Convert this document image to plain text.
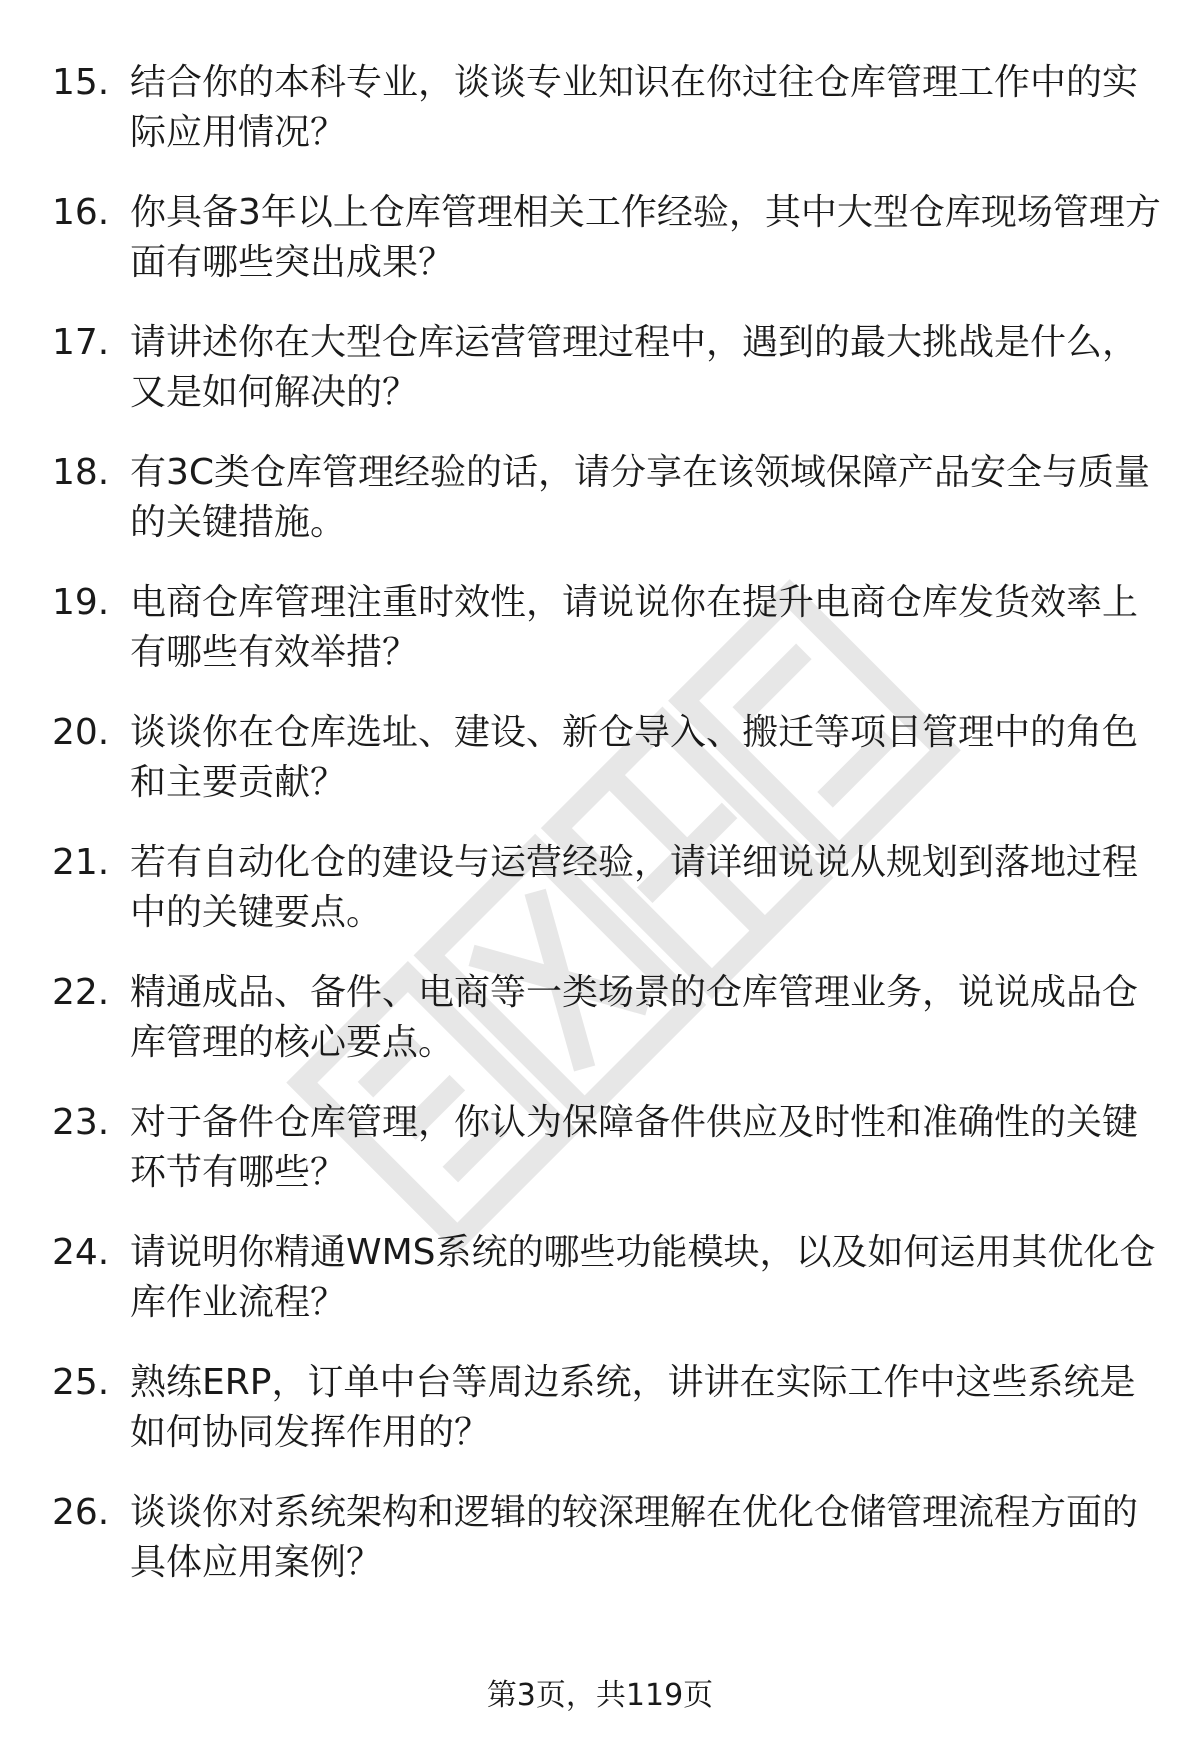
15. 结合你的本科专业，谈谈专业知识在你过往仓库管理工作中的实际应用情况？
16. 你具备3年以上仓库管理相关工作经验，其中大型仓库现场管理方面有哪些突出成果？
17. 请讲述你在大型仓库运营管理过程中，遇到的最大挑战是什么，又是如何解决的？
18. 有3C类仓库管理经验的话，请分享在该领域保障产品安全与质量的关键措施。
19. 电商仓库管理注重时效性，请说说你在提升电商仓库发货效率上有哪些有效举措？
20. 谈谈你在仓库选址、建设、新仓导入、搬迁等项目管理中的角色和主要贡献？
21. 若有自动化仓的建设与运营经验，请详细说说从规划到落地过程中的关键要点。
22. 精通成品、备件、电商等一类场景的仓库管理业务，说说成品仓库管理的核心要点。
23. 对于备件仓库管理，你认为保障备件供应及时性和准确性的关键环节有哪些？
24. 请说明你精通WMS系统的哪些功能模块，以及如何运用其优化仓库作业流程？
25. 熟练ERP，订单中台等周边系统，讲讲在实际工作中这些系统是如何协同发挥作用的？
26. 谈谈你对系统架构和逻辑的较深理解在优化仓储管理流程方面的具体应用案例？
第3页，共119页
